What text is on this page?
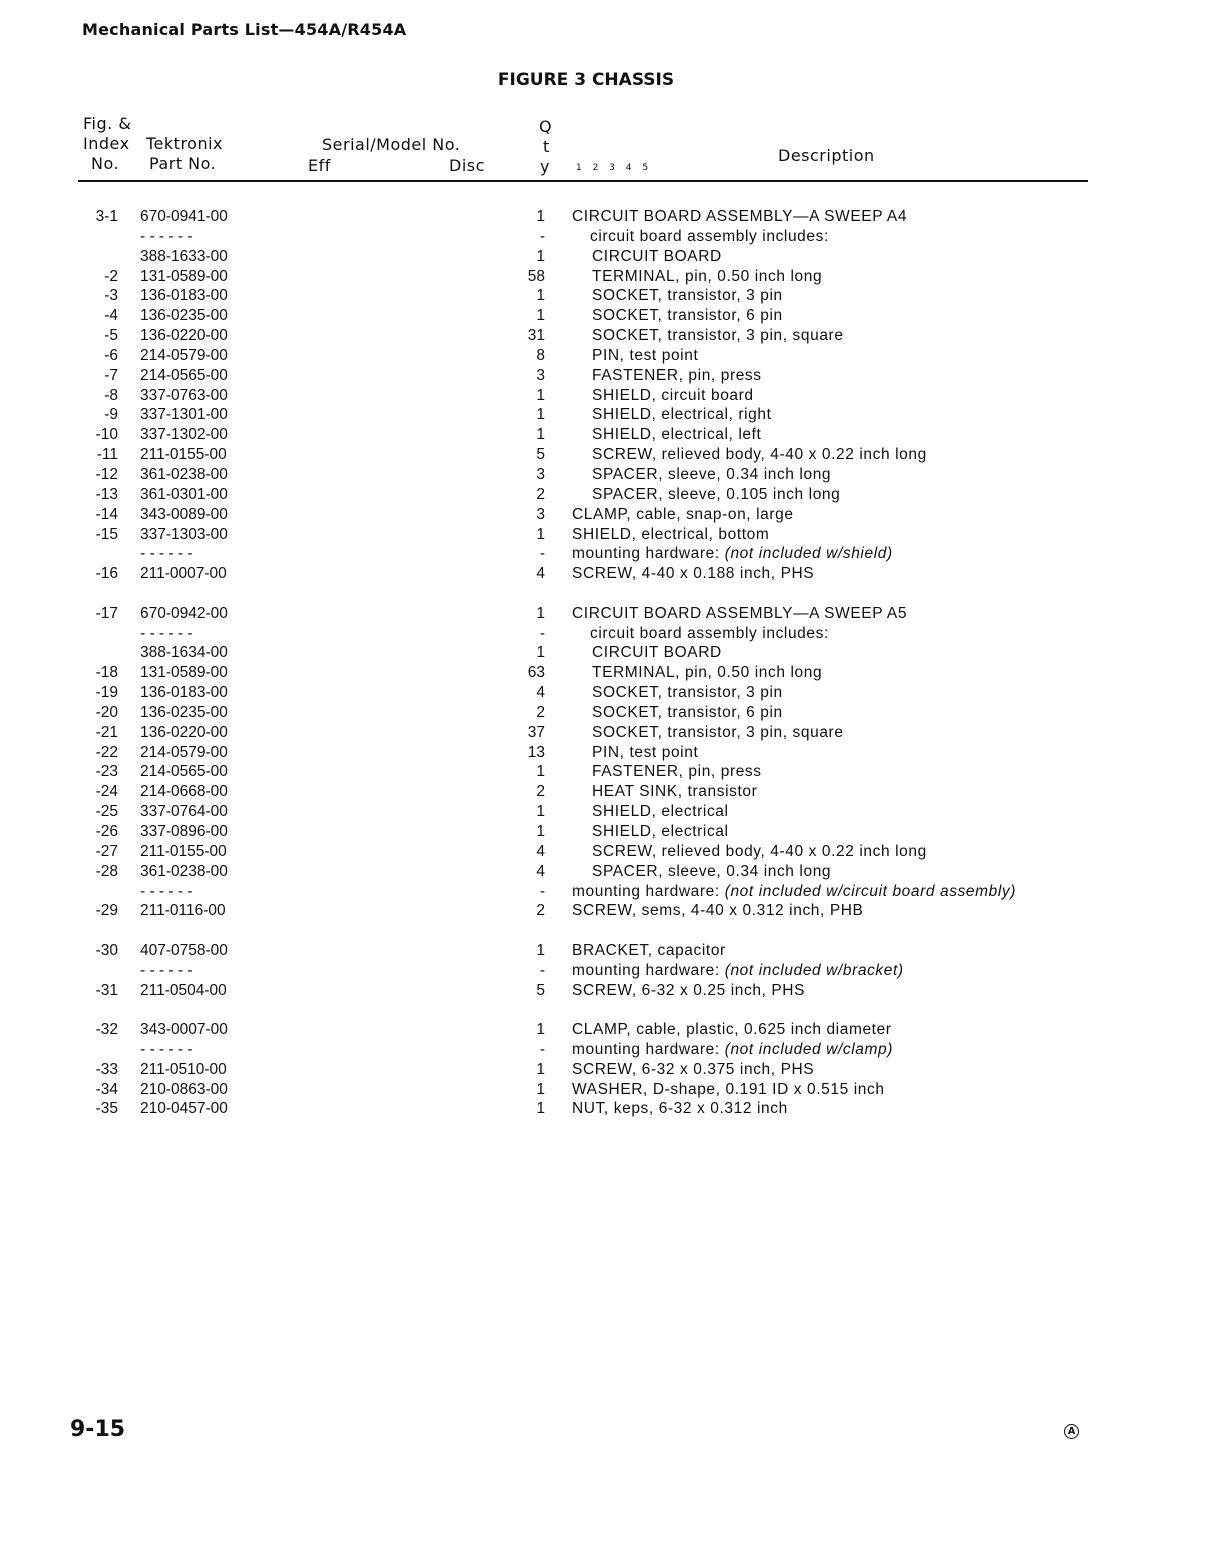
Mechanical Parts List—454A/R454A
FIGURE 3 CHASSIS
Fig. &
Index
No.
Tektronix
Part No.
Serial/Model No.
Eff	Disc
Q
t
y	1 2 3 4 5
Description
3-1 670-0941-00	1 CIRCUIT BOARD ASSEMBLY—A SWEEP A4
- - - - - -	-	circuit board assembly includes:
388-1633-00	1	CIRCUIT BOARD
-2 131-0589-00	58	TERMINAL, pin, 0.50 inch long
-3 136-0183-00	1	SOCKET, transistor, 3 pin
-4 136-0235-00	1	SOCKET, transistor, 6 pin
-5 136-0220-00	31	SOCKET, transistor, 3 pin, square
-6 214-0579-00	8	PIN, test point
-7 214-0565-00	3	FASTENER, pin, press
-8 337-0763-00	1	SHIELD, circuit board
-9 337-1301-00	1	SHIELD, electrical, right
-10 337-1302-00	1	SHIELD, electrical, left
-11 211-0155-00	5	SCREW, relieved body, 4-40 x 0.22 inch long
-12 361-0238-00	3	SPACER, sleeve, 0.34 inch long
-13 361-0301-00	2	SPACER, sleeve, 0.105 inch long
-14 343-0089-00	3 CLAMP, cable, snap-on, large
-15 337-1303-00	1 SHIELD, electrical, bottom
- - - - - -	- mounting hardware: (not included w/shield)
-16 211-0007-00	4 SCREW, 4-40 x 0.188 inch, PHS
-17 670-0942-00	1 CIRCUIT BOARD ASSEMBLY—A SWEEP A5
- - - - - -	-	circuit board assembly includes:
388-1634-00	1	CIRCUIT BOARD
-18 131-0589-00	63	TERMINAL, pin, 0.50 inch long
-19 136-0183-00	4	SOCKET, transistor, 3 pin
-20 136-0235-00	2	SOCKET, transistor, 6 pin
-21 136-0220-00	37	SOCKET, transistor, 3 pin, square
-22 214-0579-00	13	PIN, test point
-23 214-0565-00	1	FASTENER, pin, press
-24 214-0668-00	2	HEAT SINK, transistor
-25 337-0764-00	1	SHIELD, electrical
-26 337-0896-00	1	SHIELD, electrical
-27 211-0155-00	4	SCREW, relieved body, 4-40 x 0.22 inch long
-28 361-0238-00	4	SPACER, sleeve, 0.34 inch long
- - - - - -	- mounting hardware: (not included w/circuit board assembly)
-29 211-0116-00	2 SCREW, sems, 4-40 x 0.312 inch, PHB
-30 407-0758-00	1 BRACKET, capacitor
- - - - - -	- mounting hardware: (not included w/bracket)
-31 211-0504-00	5 SCREW, 6-32 x 0.25 inch, PHS
-32 343-0007-00	1 CLAMP, cable, plastic, 0.625 inch diameter
- - - - - -	- mounting hardware: (not included w/clamp)
-33 211-0510-00	1 SCREW, 6-32 x 0.375 inch, PHS
-34 210-0863-00	1 WASHER, D-shape, 0.191 ID x 0.515 inch
-35 210-0457-00	1 NUT, keps, 6-32 x 0.312 inch
9-15	A
